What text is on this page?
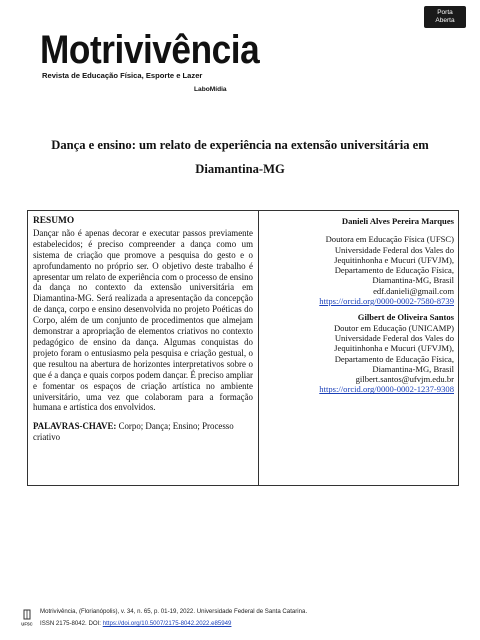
Porta
Aberta
Motrivivência
Revista de Educação Física, Esporte e Lazer
LaboMídia
Dança e ensino: um relato de experiência na extensão universitária em
Diamantina-MG
RESUMO
Dançar não é apenas decorar e executar passos previamente estabelecidos; é preciso compreender a dança como um sistema de criação que promove a pesquisa do gesto e o aprofundamento no próprio ser. O objetivo deste trabalho é apresentar um relato de experiência com o processo de ensino da dança no contexto da extensão universitária em Diamantina-MG. Será realizada a apresentação da concepção de dança, corpo e ensino desenvolvida no projeto Poéticas do Corpo, além de um conjunto de procedimentos que almejam demonstrar a apropriação de elementos criativos no contexto pedagógico de ensino da dança. Algumas conquistas do projeto foram o entusiasmo pela pesquisa e criação gestual, o que resultou na abertura de horizontes interpretativos sobre o que é a dança e quais corpos podem dançar. É preciso ampliar e fomentar os espaços de criação artística no ambiente universitário, uma vez que colaboram para a formação humana e artística dos envolvidos.
PALAVRAS-CHAVE: Corpo; Dança; Ensino; Processo criativo
Danieli Alves Pereira Marques
Doutora em Educação Física (UFSC)
Universidade Federal dos Vales do
Jequitinhonha e Mucuri (UFVJM),
Departamento de Educação Física,
Diamantina-MG, Brasil
edf.danieli@gmail.com
https://orcid.org/0000-0002-7580-8739
Gilbert de Oliveira Santos
Doutor em Educação (UNICAMP)
Universidade Federal dos Vales do
Jequitinhonha e Mucuri (UFVJM),
Departamento de Educação Física,
Diamantina-MG, Brasil
gilbert.santos@ufvjm.edu.br
https://orcid.org/0000-0002-1237-9308
UFSC
Motrivivência, (Florianópolis), v. 34, n. 65, p. 01-19, 2022. Universidade Federal de Santa Catarina.
ISSN 2175-8042. DOI: https://doi.org/10.5007/2175-8042.2022.e85949
